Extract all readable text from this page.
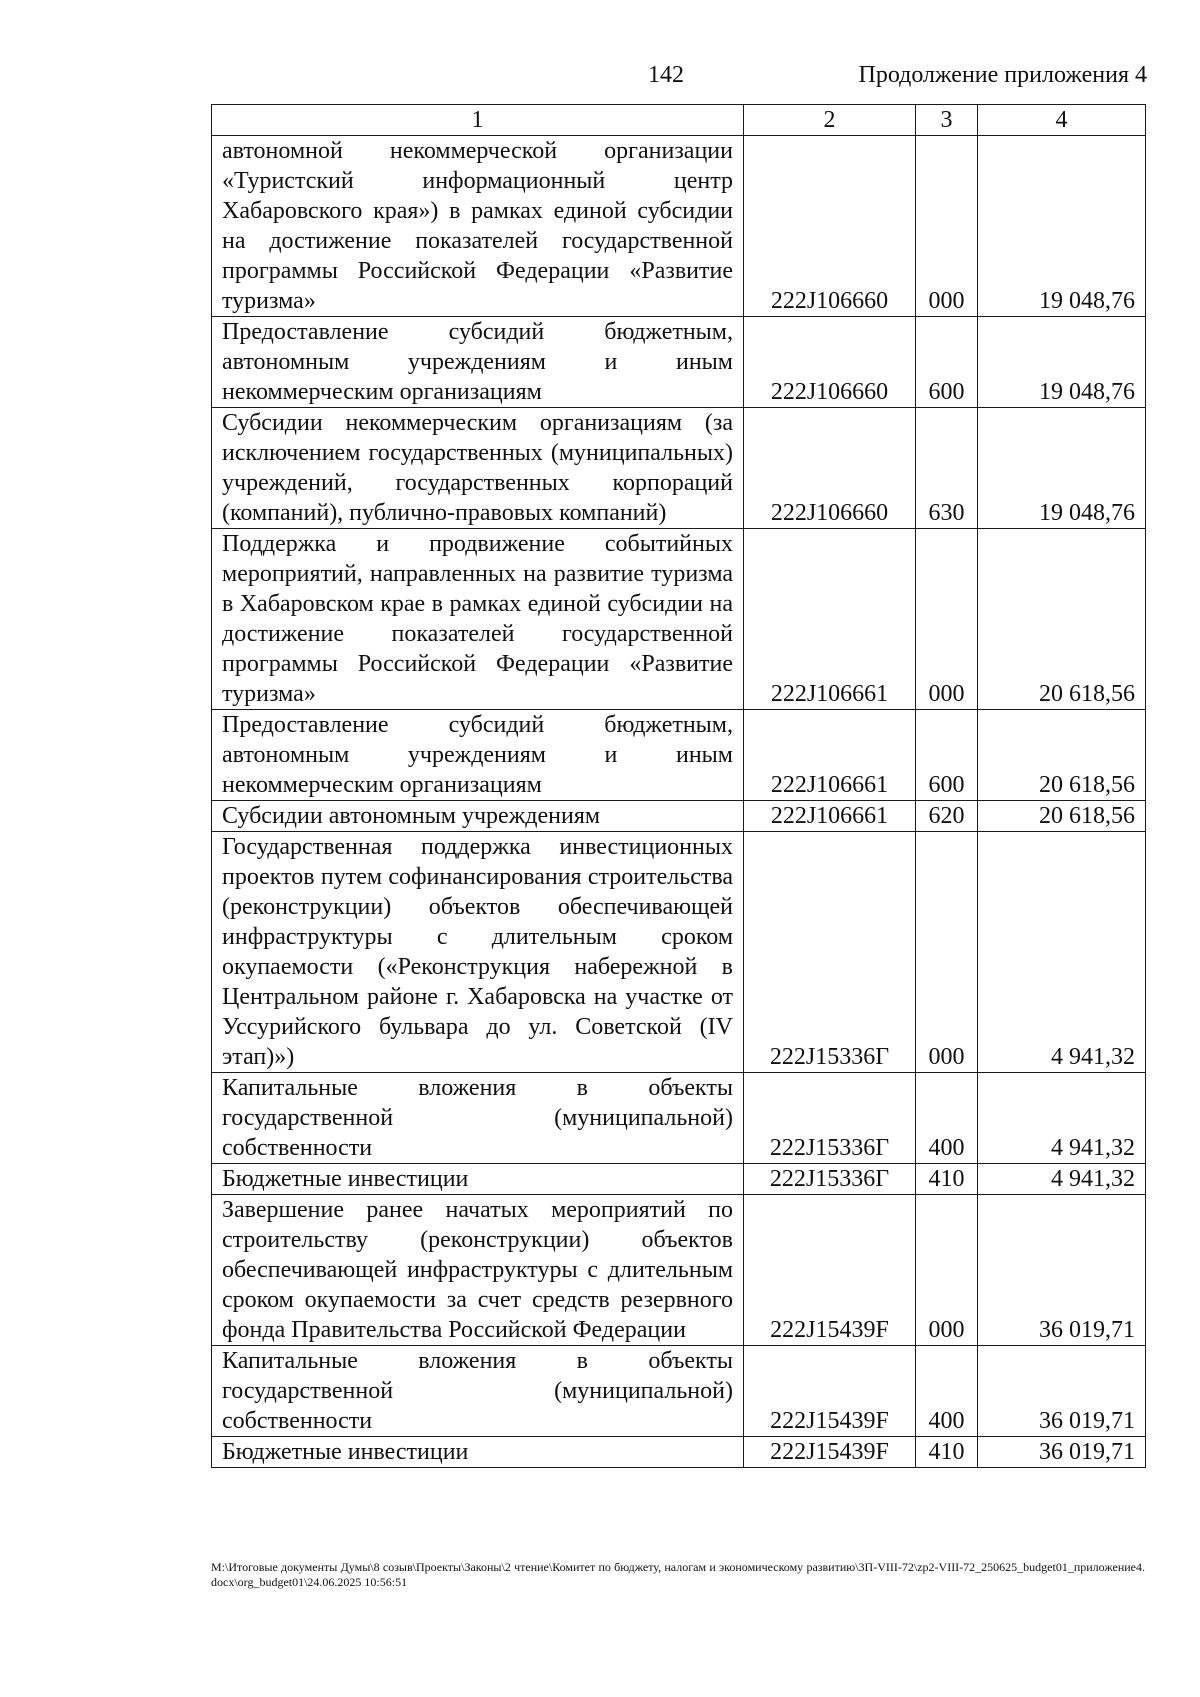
142	Продолжение приложения 4
1	2	3	4
автономной некоммерческой организации «Туристский информационный центр Хабаровского края») в рамках единой субсидии на достижение показателей государственной программы Российской Федерации «Развитие туризма»	222J106660	000	19 048,76
Предоставление субсидий бюджетным, автономным учреждениям и иным некоммерческим организациям	222J106660	600	19 048,76
Субсидии некоммерческим организациям (за исключением государственных (муниципальных) учреждений, государственных корпораций (компаний), публично-правовых компаний)	222J106660	630	19 048,76
Поддержка и продвижение событийных мероприятий, направленных на развитие туризма в Хабаровском крае в рамках единой субсидии на достижение показателей государственной программы Российской Федерации «Развитие туризма»	222J106661	000	20 618,56
Предоставление субсидий бюджетным, автономным учреждениям и иным некоммерческим организациям	222J106661	600	20 618,56
Субсидии автономным учреждениям	222J106661	620	20 618,56
Государственная поддержка инвестиционных проектов путем софинансирования строительства (реконструкции) объектов обеспечивающей инфраструктуры с длительным сроком окупаемости («Реконструкция набережной в Центральном районе г. Хабаровска на участке от Уссурийского бульвара до ул. Советской (IV этап)»)	222J15336Г	000	4 941,32
Капитальные вложения в объекты государственной (муниципальной) собственности	222J15336Г	400	4 941,32
Бюджетные инвестиции	222J15336Г	410	4 941,32
Завершение ранее начатых мероприятий по строительству (реконструкции) объектов обеспечивающей инфраструктуры с длительным сроком окупаемости за счет средств резервного фонда Правительства Российской Федерации	222J15439F	000	36 019,71
Капитальные вложения в объекты государственной (муниципальной) собственности	222J15439F	400	36 019,71
Бюджетные инвестиции	222J15439F	410	36 019,71
М:\Итоговые документы Думы\8 созыв\Проекты\Законы\2 чтение\Комитет по бюджету, налогам и экономическому развитию\3П-VIII-72\zp2-VIII-72_250625_budget01_приложение4.docx\org_budget01\24.06.2025 10:56:51
